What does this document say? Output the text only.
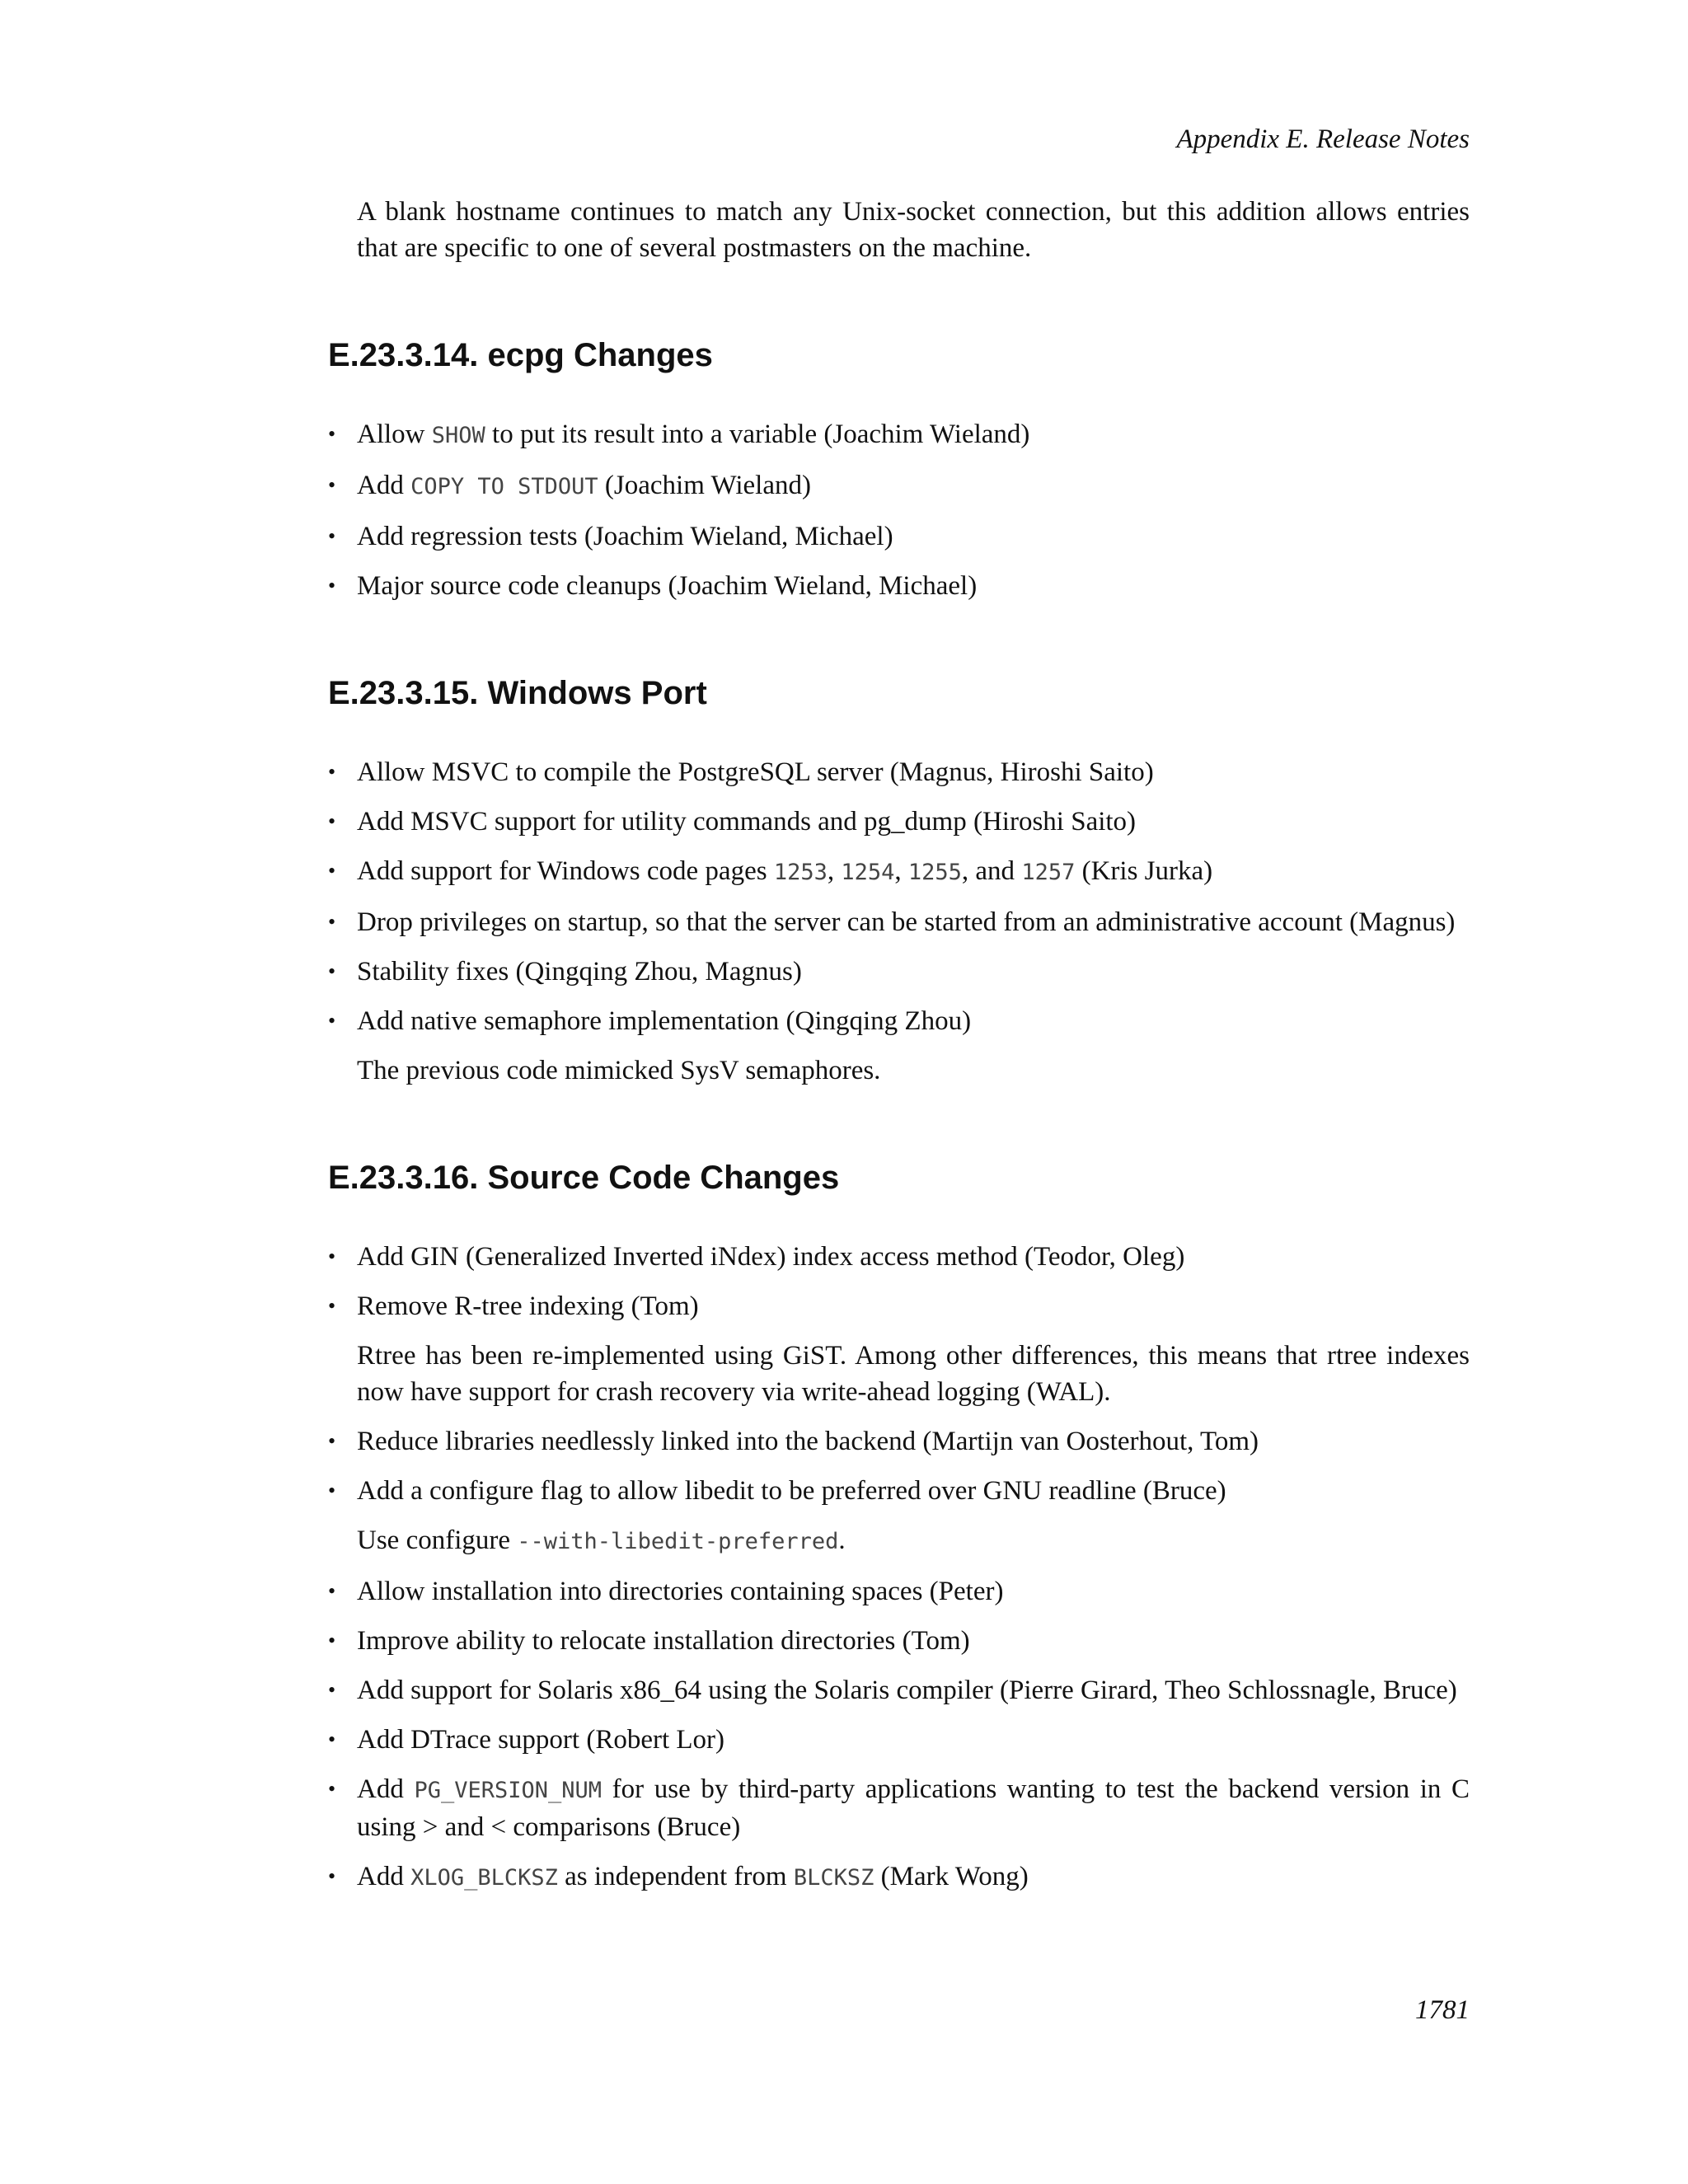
Appendix E. Release Notes

A blank hostname continues to match any Unix-socket connection, but this addition allows entries that are specific to one of several postmasters on the machine.

E.23.3.14. ecpg Changes
• Allow SHOW to put its result into a variable (Joachim Wieland)
• Add COPY TO STDOUT (Joachim Wieland)
• Add regression tests (Joachim Wieland, Michael)
• Major source code cleanups (Joachim Wieland, Michael)
E.23.3.15. Windows Port
• Allow MSVC to compile the PostgreSQL server (Magnus, Hiroshi Saito)
• Add MSVC support for utility commands and pg_dump (Hiroshi Saito)
• Add support for Windows code pages 1253, 1254, 1255, and 1257 (Kris Jurka)
• Drop privileges on startup, so that the server can be started from an administrative account (Magnus)
• Stability fixes (Qingqing Zhou, Magnus)
• Add native semaphore implementation (Qingqing Zhou)
The previous code mimicked SysV semaphores.
E.23.3.16. Source Code Changes
• Add GIN (Generalized Inverted iNdex) index access method (Teodor, Oleg)
• Remove R-tree indexing (Tom)
Rtree has been re-implemented using GiST. Among other differences, this means that rtree indexes now have support for crash recovery via write-ahead logging (WAL).
• Reduce libraries needlessly linked into the backend (Martijn van Oosterhout, Tom)
• Add a configure flag to allow libedit to be preferred over GNU readline (Bruce)
Use configure --with-libedit-preferred.
• Allow installation into directories containing spaces (Peter)
• Improve ability to relocate installation directories (Tom)
• Add support for Solaris x86_64 using the Solaris compiler (Pierre Girard, Theo Schlossnagle, Bruce)
• Add DTrace support (Robert Lor)
• Add PG_VERSION_NUM for use by third-party applications wanting to test the backend version in C using > and < comparisons (Bruce)
• Add XLOG_BLCKSZ as independent from BLCKSZ (Mark Wong)
1781
